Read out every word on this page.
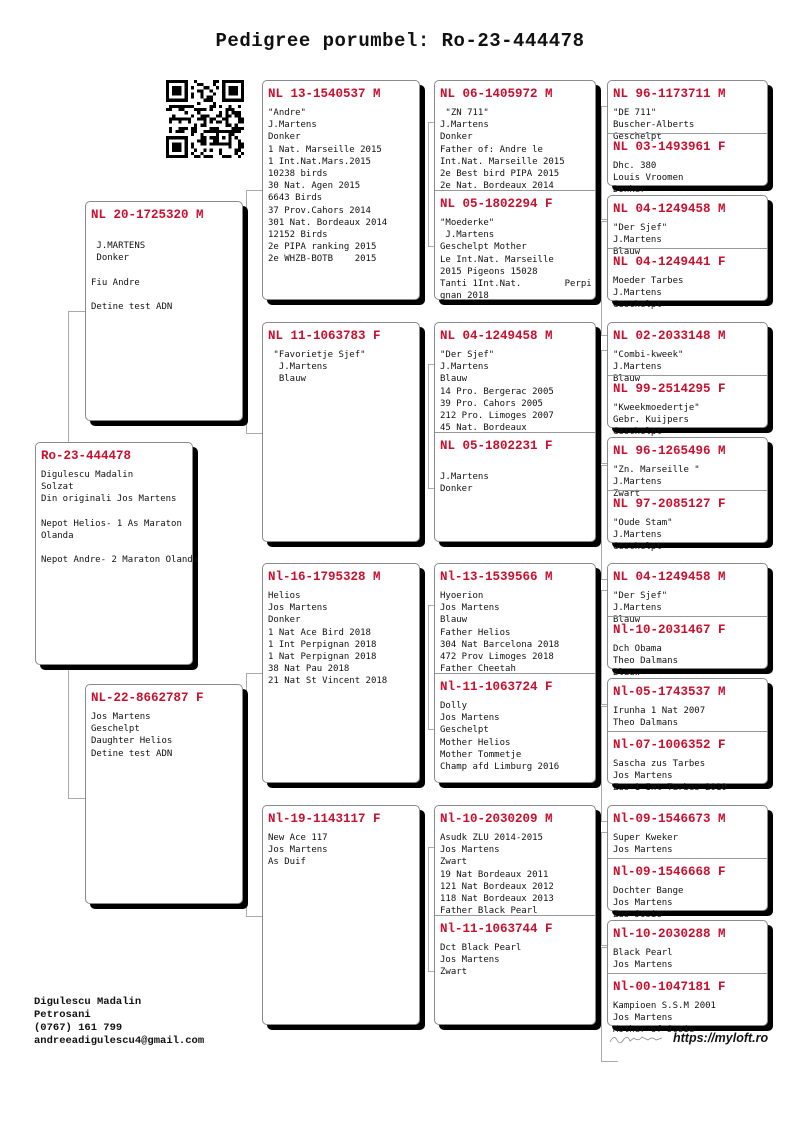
Pedigree porumbel: Ro-23-444478
Ro-23-444478
Digulescu Madalin
Solzat
Din originali Jos Martens
Nepot Helios- 1 As Maraton
Olanda
Nepot Andre- 2 Maraton Olanda
NL 20-1725320 M
J.MARTENS
Donker
Fiu Andre
Detine test ADN
NL-22-8662787 F
Jos Martens
Geschelpt
Daughter Helios
Detine test ADN
NL 13-1540537 M
"Andre"
J.Martens
Donker
1 Nat. Marseille 2015
1 Int.Nat.Mars.2015
10238 birds
30 Nat. Agen 2015
6643 Birds
37 Prov.Cahors 2014
301 Nat. Bordeaux 2014
12152 Birds
2e PIPA ranking 2015
2e WHZB-BOTB    2015
NL 11-1063783 F
"Favorietje Sjef"
J.Martens
Blauw
Nl-16-1795328 M
Helios
Jos Martens
Donker
1 Nat Ace Bird 2018
1 Int Perpignan 2018
1 Nat Perpignan 2018
38 Nat Pau 2018
21 Nat St Vincent 2018
Nl-19-1143117 F
New Ace 117
Jos Martens
As Duif
NL 06-1405972 M
"ZN 711"
J.Martens
Donker
Father of: Andre le
Int.Nat. Marseille 2015
2e Best bird PIPA 2015
2e Nat. Bordeaux 2014
NL 05-1802294 F
"Moederke"
J.Martens
Geschelpt Mother
Le Int.Nat. Marseille
2015 Pigeons 15028
Tanti 1Int.Nat.        Perpi
gnan 2018
NL 04-1249458 M
"Der Sjef"
J.Martens
Blauw
14 Pro. Bergerac 2005
39 Pro. Cahors 2005
212 Pro. Limoges 2007
45 Nat. Bordeaux
NL 05-1802231 F
J.Martens
Donker
Nl-13-1539566 M
Hyoerion
Jos Martens
Blauw
Father Helios
304 Nat Barcelona 2018
472 Prov Limoges 2018
Father Cheetah
Nl-11-1063724 F
Dolly
Jos Martens
Geschelpt
Mother Helios
Mother Tommetje
Champ afd Limburg 2016
Nl-10-2030209 M
Asudk ZLU 2014-2015
Jos Martens
Zwart
19 Nat Bordeaux 2011
121 Nat Bordeaux 2012
118 Nat Bordeaux 2013
Father Black Pearl
Nl-11-1063744 F
Dct Black Pearl
Jos Martens
Zwart
NL 96-1173711 M
"DE 711"
Buscher-Alberts
Geschelpt
NL 03-1493961 F
Dhc. 380
Louis Vroomen
Donker
NL 04-1249458 M
"Der Sjef"
J.Martens
Blauw
NL 04-1249441 F
Moeder Tarbes
J.Martens
Geschelpt
NL 02-2033148 M
"Combi-kweek"
J.Martens
Blauw
NL 99-2514295 F
"Kweekmoedertje"
Gebr. Kuijpers
Geschelpt
NL 96-1265496 M
"Zn. Marseille "
J.Martens
Zwart
NL 97-2085127 F
"Oude Stam"
J.Martens
Geschelpt
NL 04-1249458 M
"Der Sjef"
J.Martens
Blauw
Nl-10-2031467 F
Dch Obama
Theo Dalmans
Blauw
Nl-05-1743537 M
Irunha 1 Nat 2007
Theo Dalmans
Nl-07-1006352 F
Sascha zus Tarbes
Jos Martens
Zus 1 Int Tarbes 2010
Nl-09-1546673 M
Super Kweker
Jos Martens
Nl-09-1546668 F
Dochter Bange
Jos Martens
Zus Josie
Nl-10-2030288 M
Black Pearl
Jos Martens
Nl-00-1047181 F
Kampioen S.S.M 2001
Jos Martens
Mother of Josie
Digulescu Madalin
Petrosani
(0767) 161 799
andreeadigulescu4@gmail.com	https://myloft.ro
